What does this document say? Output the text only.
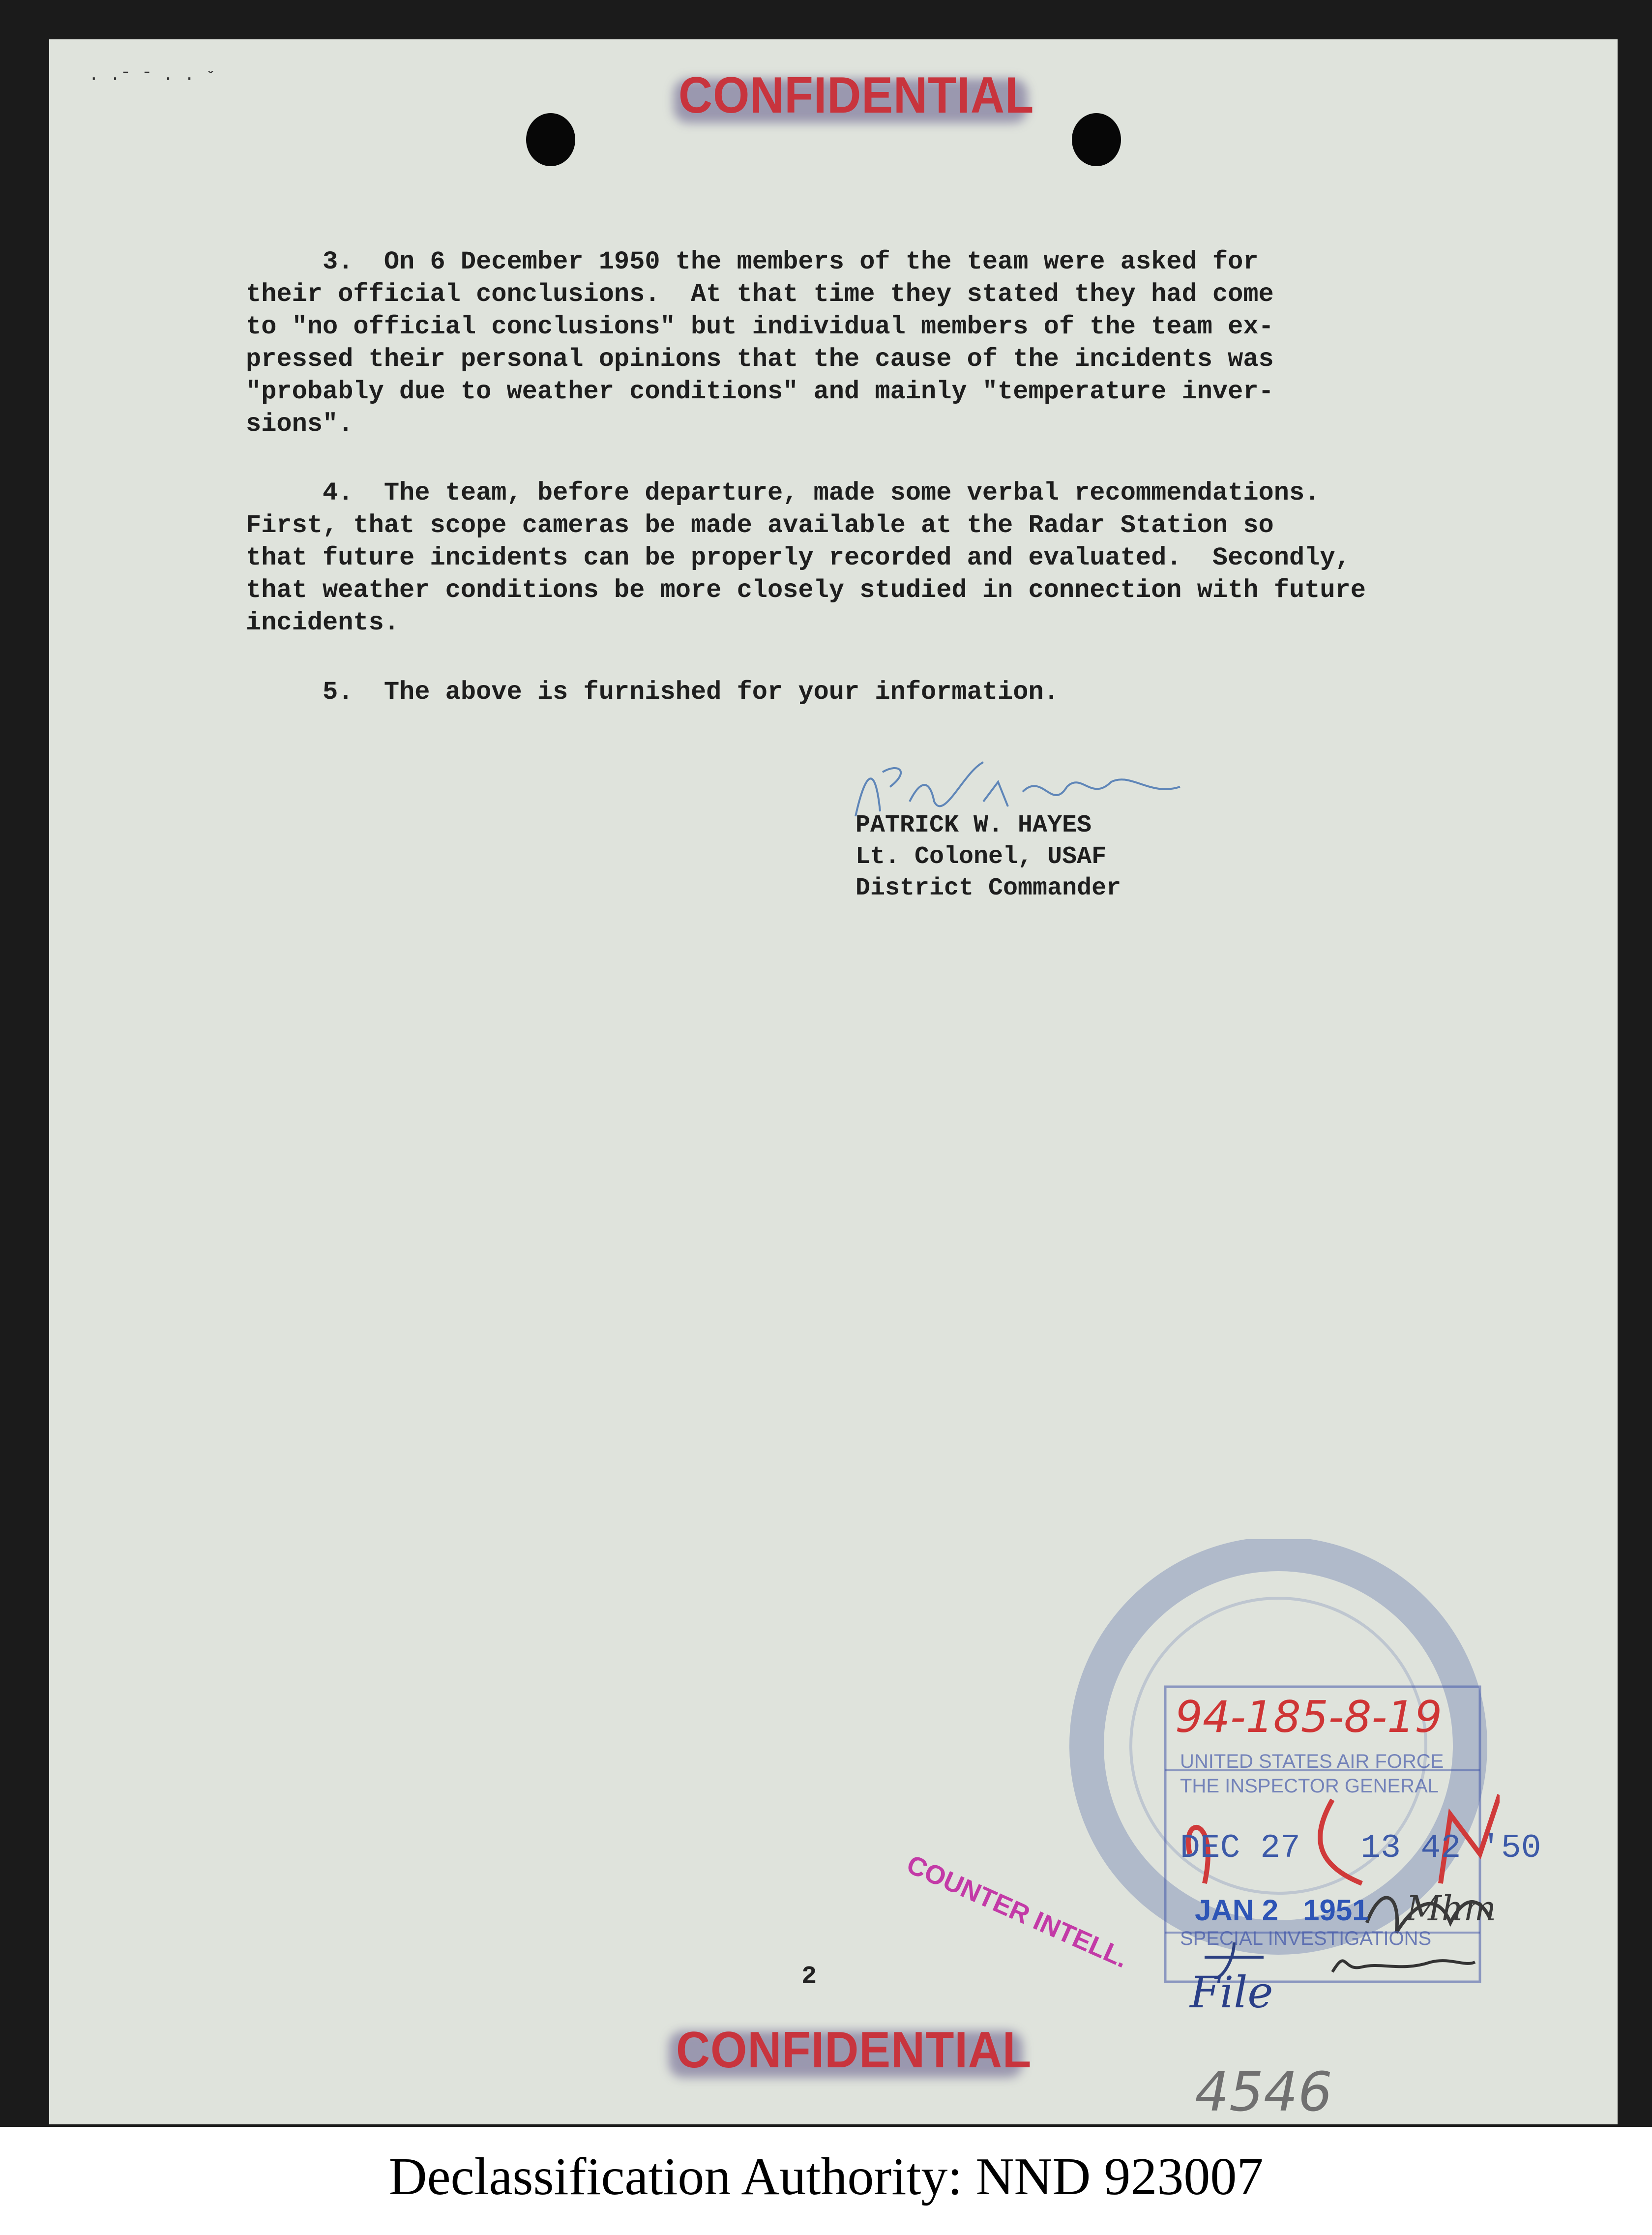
· ·ˉ ˉ · · ˇ	CONFIDENTIAL
3.  On 6 December 1950 the members of the team were asked for
their official conclusions.  At that time they stated they had come
to "no official conclusions" but individual members of the team ex-
pressed their personal opinions that the cause of the incidents was
"probably due to weather conditions" and mainly "temperature inver-
sions".
4.  The team, before departure, made some verbal recommendations.
First, that scope cameras be made available at the Radar Station so
that future incidents can be properly recorded and evaluated.  Secondly,
that weather conditions be more closely studied in connection with future
incidents.
5.  The above is furnished for your information.
PATRICK W. HAYES
Lt. Colonel, USAF
District Commander
94-185-8-19
UNITED STATES AIR FORCE
THE INSPECTOR GENERAL
DEC 27   13 42 '50
JAN 2   1951
SPECIAL INVESTIGATIONS
File
Mhm
COUNTER INTELL.
2
CONFIDENTIAL
4546
Declassification Authority: NND 923007
